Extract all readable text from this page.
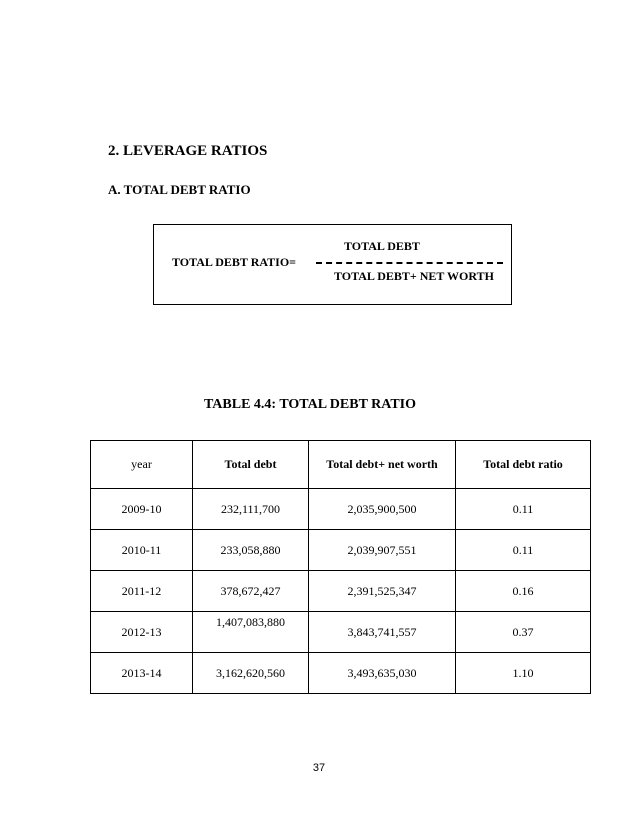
2. LEVERAGE RATIOS
A. TOTAL DEBT RATIO
TOTAL DEBT
TOTAL DEBT RATIO=
TOTAL DEBT+ NET WORTH
TABLE 4.4: TOTAL DEBT RATIO
year	Total debt	Total debt+ net worth	Total debt ratio
2009-10	232,111,700	2,035,900,500	0.11
2010-11	233,058,880	2,039,907,551	0.11
2011-12	378,672,427	2,391,525,347	0.16
2012-13	1,407,083,880	3,843,741,557	0.37
2013-14	3,162,620,560	3,493,635,030	1.10
37
